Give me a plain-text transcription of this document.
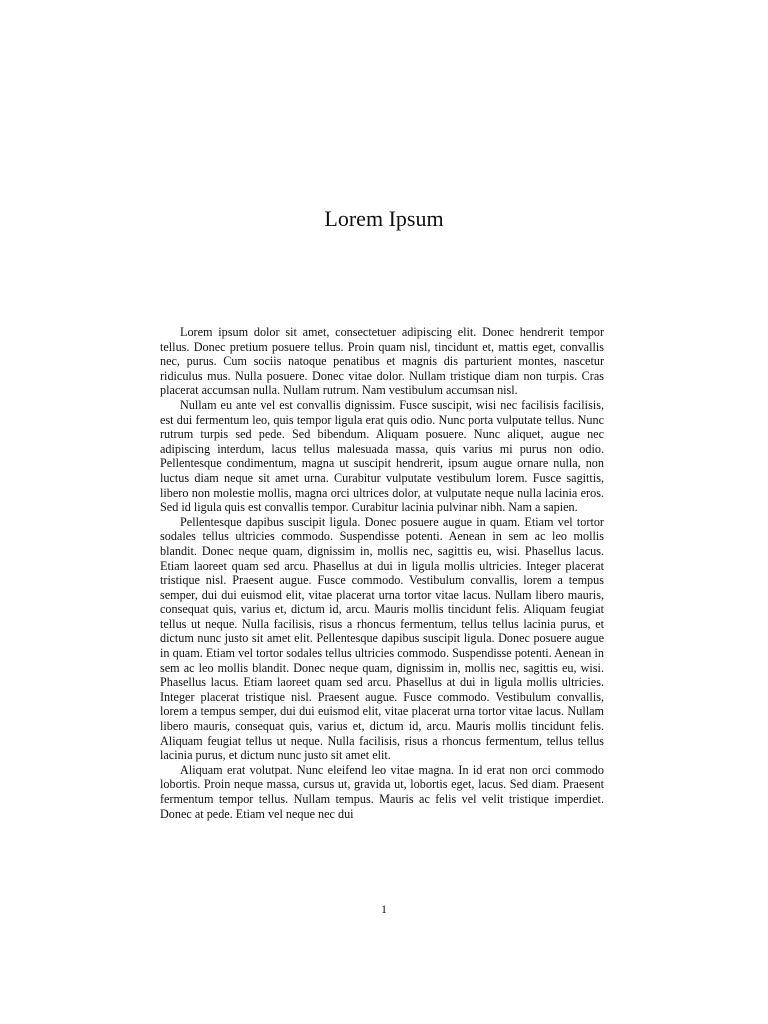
Lorem Ipsum

Lorem ipsum dolor sit amet, consectetuer adipiscing elit. Donec hendrerit tempor tellus. Donec pretium posuere tellus. Proin quam nisl, tincidunt et, mattis eget, convallis nec, purus. Cum sociis natoque penatibus et magnis dis parturient montes, nascetur ridiculus mus. Nulla posuere. Donec vitae dolor. Nullam tristique diam non turpis. Cras placerat accumsan nulla. Nullam rutrum. Nam vestibulum accumsan nisl.

Nullam eu ante vel est convallis dignissim. Fusce suscipit, wisi nec facilisis facilisis, est dui fermentum leo, quis tempor ligula erat quis odio. Nunc porta vulputate tellus. Nunc rutrum turpis sed pede. Sed bibendum. Aliquam posuere. Nunc aliquet, augue nec adipiscing interdum, lacus tellus malesuada massa, quis varius mi purus non odio. Pellentesque condimentum, magna ut suscipit hendrerit, ipsum augue ornare nulla, non luctus diam neque sit amet urna. Curabitur vulputate vestibulum lorem. Fusce sagittis, libero non molestie mollis, magna orci ultrices dolor, at vulputate neque nulla lacinia eros. Sed id ligula quis est convallis tempor. Curabitur lacinia pulvinar nibh. Nam a sapien.

Pellentesque dapibus suscipit ligula. Donec posuere augue in quam. Etiam vel tortor sodales tellus ultricies commodo. Suspendisse potenti. Aenean in sem ac leo mollis blandit. Donec neque quam, dignissim in, mollis nec, sagittis eu, wisi. Phasellus lacus. Etiam laoreet quam sed arcu. Phasellus at dui in ligula mollis ultricies. Integer placerat tristique nisl. Praesent augue. Fusce commodo. Vestibulum convallis, lorem a tempus semper, dui dui euismod elit, vitae placerat urna tortor vitae lacus. Nullam libero mauris, consequat quis, varius et, dictum id, arcu. Mauris mollis tincidunt felis. Aliquam feugiat tellus ut neque. Nulla facilisis, risus a rhoncus fermentum, tellus tellus lacinia purus, et dictum nunc justo sit amet elit. Pellentesque dapibus suscipit ligula. Donec posuere augue in quam. Etiam vel tortor sodales tellus ultricies commodo. Suspendisse potenti. Aenean in sem ac leo mollis blandit. Donec neque quam, dignissim in, mollis nec, sagittis eu, wisi. Phasellus lacus. Etiam laoreet quam sed arcu. Phasellus at dui in ligula mollis ultricies. Integer placerat tristique nisl. Praesent augue. Fusce commodo. Vestibulum convallis, lorem a tempus semper, dui dui euismod elit, vitae placerat urna tortor vitae lacus. Nullam libero mauris, consequat quis, varius et, dictum id, arcu. Mauris mollis tincidunt felis. Aliquam feugiat tellus ut neque. Nulla facilisis, risus a rhoncus fermentum, tellus tellus lacinia purus, et dictum nunc justo sit amet elit.

Aliquam erat volutpat. Nunc eleifend leo vitae magna. In id erat non orci commodo lobortis. Proin neque massa, cursus ut, gravida ut, lobortis eget, lacus. Sed diam. Praesent fermentum tempor tellus. Nullam tempus. Mauris ac felis vel velit tristique imperdiet. Donec at pede. Etiam vel neque nec dui

1
